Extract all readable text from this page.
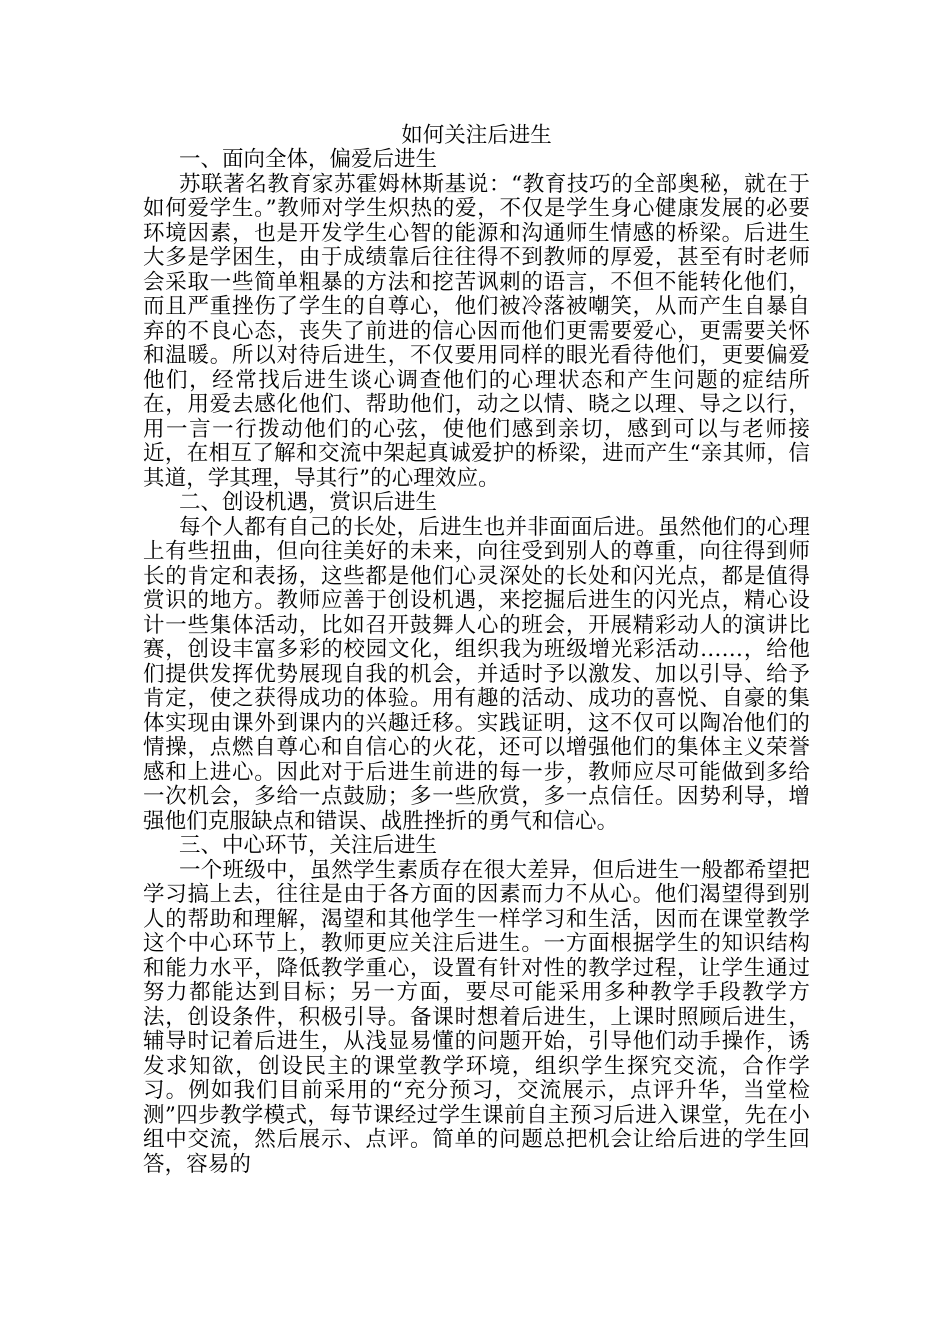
如何关注后进生

一、面向全体，偏爱后进生

苏联著名教育家苏霍姆林斯基说：“教育技巧的全部奥秘，就在于如何爱学生。”教师对学生炽热的爱，不仅是学生身心健康发展的必要环境因素，也是开发学生心智的能源和沟通师生情感的桥梁。后进生大多是学困生，由于成绩靠后往往得不到教师的厚爱，甚至有时老师会采取一些简单粗暴的方法和挖苦讽刺的语言，不但不能转化他们，而且严重挫伤了学生的自尊心，他们被冷落被嘲笑，从而产生自暴自弃的不良心态，丧失了前进的信心因而他们更需要爱心，更需要关怀和温暖。所以对待后进生，不仅要用同样的眼光看待他们，更要偏爱他们，经常找后进生谈心调查他们的心理状态和产生问题的症结所在，用爱去感化他们、帮助他们，动之以情、晓之以理、导之以行，用一言一行拨动他们的心弦，使他们感到亲切，感到可以与老师接近，在相互了解和交流中架起真诚爱护的桥梁，进而产生“亲其师，信其道，学其理，导其行”的心理效应。

二、创设机遇，赏识后进生

每个人都有自己的长处，后进生也并非面面后进。虽然他们的心理上有些扭曲，但向往美好的未来，向往受到别人的尊重，向往得到师长的肯定和表扬，这些都是他们心灵深处的长处和闪光点，都是值得赏识的地方。教师应善于创设机遇，来挖掘后进生的闪光点，精心设计一些集体活动，比如召开鼓舞人心的班会，开展精彩动人的演讲比赛，创设丰富多彩的校园文化，组织我为班级增光彩活动……，给他们提供发挥优势展现自我的机会，并适时予以激发、加以引导、给予肯定，使之获得成功的体验。用有趣的活动、成功的喜悦、自豪的集体实现由课外到课内的兴趣迁移。实践证明，这不仅可以陶冶他们的情操，点燃自尊心和自信心的火花，还可以增强他们的集体主义荣誉感和上进心。因此对于后进生前进的每一步，教师应尽可能做到多给一次机会，多给一点鼓励；多一些欣赏，多一点信任。因势利导，增强他们克服缺点和错误、战胜挫折的勇气和信心。

三、中心环节，关注后进生

一个班级中，虽然学生素质存在很大差异，但后进生一般都希望把学习搞上去，往往是由于各方面的因素而力不从心。他们渴望得到别人的帮助和理解，渴望和其他学生一样学习和生活，因而在课堂教学这个中心环节上，教师更应关注后进生。一方面根据学生的知识结构和能力水平，降低教学重心，设置有针对性的教学过程，让学生通过努力都能达到目标；另一方面，要尽可能采用多种教学手段教学方法，创设条件，积极引导。备课时想着后进生，上课时照顾后进生，辅导时记着后进生，从浅显易懂的问题开始，引导他们动手操作，诱发求知欲，创设民主的课堂教学环境，组织学生探究交流，合作学习。例如我们目前采用的“充分预习，交流展示，点评升华，当堂检测”四步教学模式，每节课经过学生课前自主预习后进入课堂，先在小组中交流，然后展示、点评。简单的问题总把机会让给后进的学生回答，容易的
